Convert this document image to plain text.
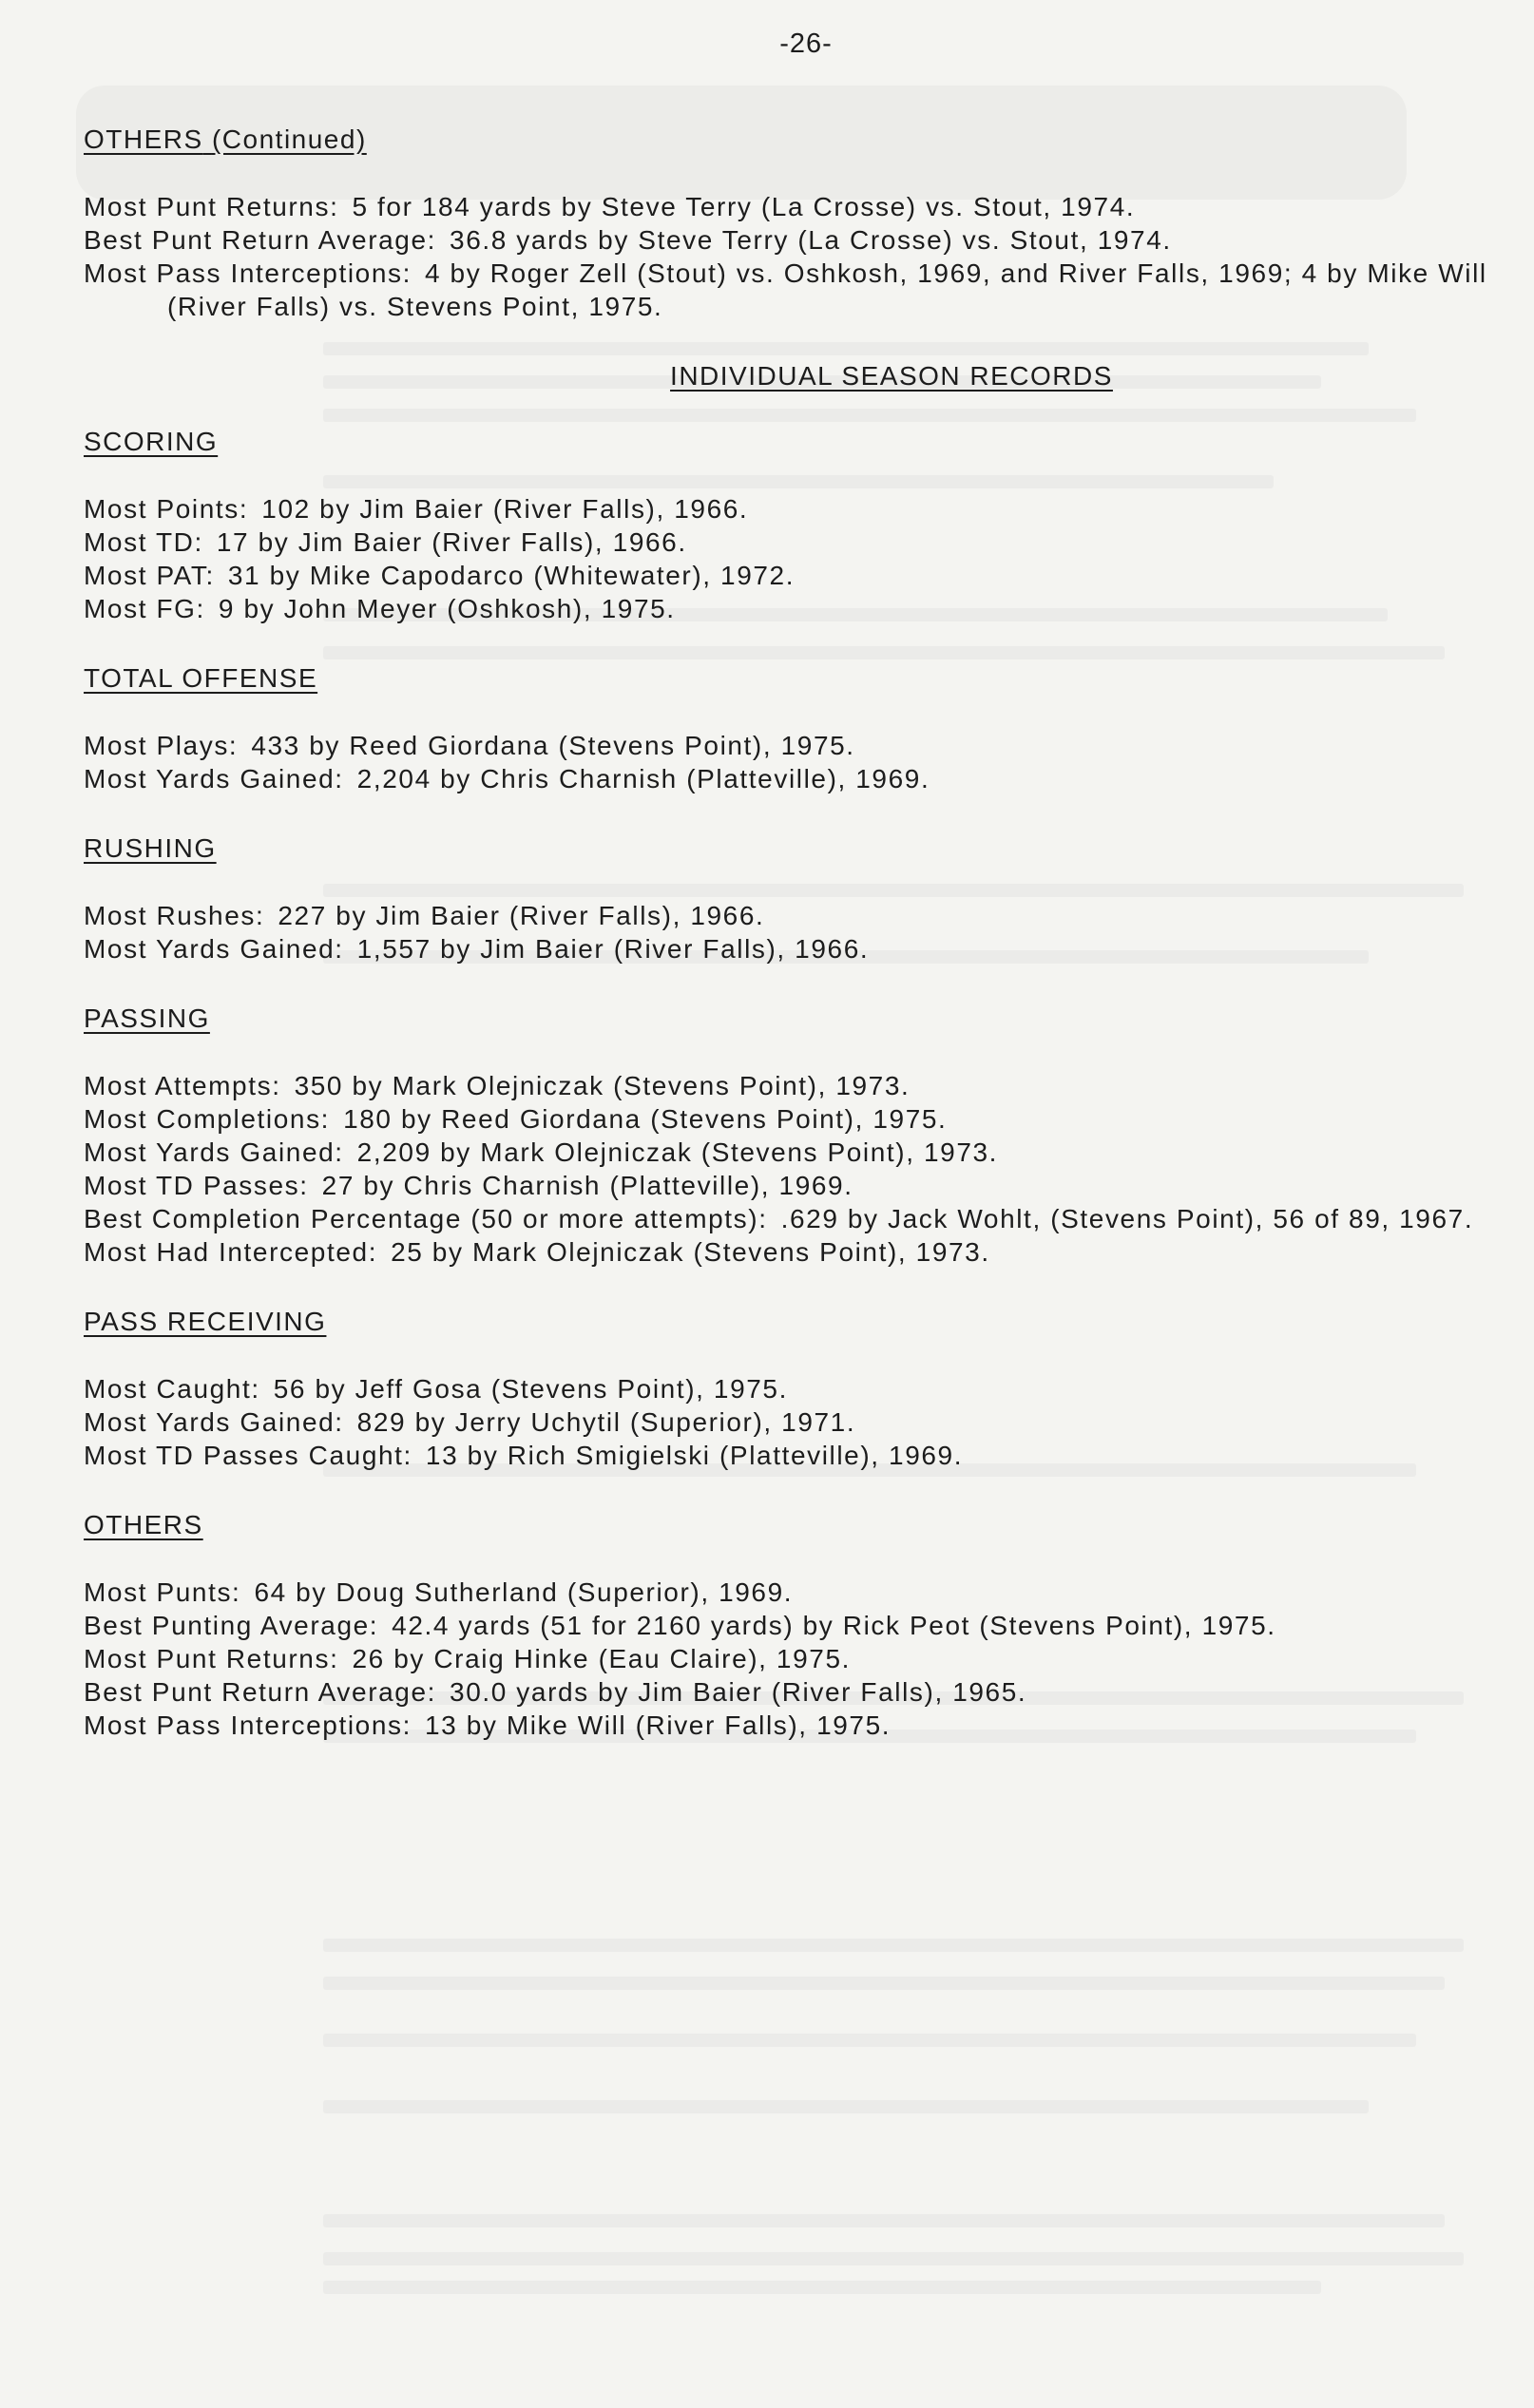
-26-
OTHERS (Continued)
Most Punt Returns: 5 for 184 yards by Steve Terry (La Crosse) vs. Stout, 1974.
Best Punt Return Average: 36.8 yards by Steve Terry (La Crosse) vs. Stout, 1974.
Most Pass Interceptions: 4 by Roger Zell (Stout) vs. Oshkosh, 1969, and River Falls, 1969; 4 by Mike Will (River Falls) vs. Stevens Point, 1975.
INDIVIDUAL SEASON RECORDS
SCORING
Most Points: 102 by Jim Baier (River Falls), 1966.
Most TD: 17 by Jim Baier (River Falls), 1966.
Most PAT: 31 by Mike Capodarco (Whitewater), 1972.
Most FG: 9 by John Meyer (Oshkosh), 1975.
TOTAL OFFENSE
Most Plays: 433 by Reed Giordana (Stevens Point), 1975.
Most Yards Gained: 2,204 by Chris Charnish (Platteville), 1969.
RUSHING
Most Rushes: 227 by Jim Baier (River Falls), 1966.
Most Yards Gained: 1,557 by Jim Baier (River Falls), 1966.
PASSING
Most Attempts: 350 by Mark Olejniczak (Stevens Point), 1973.
Most Completions: 180 by Reed Giordana (Stevens Point), 1975.
Most Yards Gained: 2,209 by Mark Olejniczak (Stevens Point), 1973.
Most TD Passes: 27 by Chris Charnish (Platteville), 1969.
Best Completion Percentage (50 or more attempts): .629 by Jack Wohlt, (Stevens Point), 56 of 89, 1967.
Most Had Intercepted: 25 by Mark Olejniczak (Stevens Point), 1973.
PASS RECEIVING
Most Caught: 56 by Jeff Gosa (Stevens Point), 1975.
Most Yards Gained: 829 by Jerry Uchytil (Superior), 1971.
Most TD Passes Caught: 13 by Rich Smigielski (Platteville), 1969.
OTHERS
Most Punts: 64 by Doug Sutherland (Superior), 1969.
Best Punting Average: 42.4 yards (51 for 2160 yards) by Rick Peot (Stevens Point), 1975.
Most Punt Returns: 26 by Craig Hinke (Eau Claire), 1975.
Best Punt Return Average: 30.0 yards by Jim Baier (River Falls), 1965.
Most Pass Interceptions: 13 by Mike Will (River Falls), 1975.
